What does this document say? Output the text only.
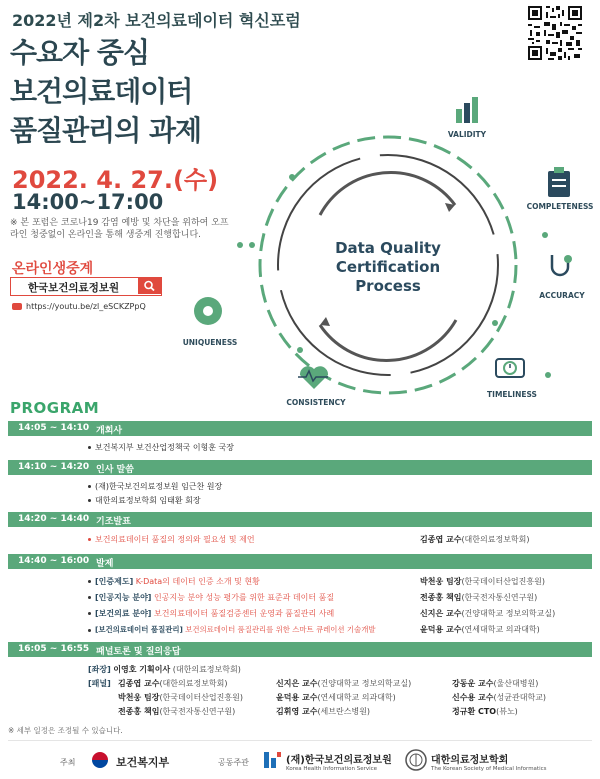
2022년 제2차 보건의료데이터 혁신포럼
수요자 중심
보건의료데이터
품질관리의 과제
2022. 4. 27.(수)
14:00~17:00
※ 본 포럼은 코로나19 감염 예방 및 차단을 위하여 오프라인 청중없이 온라인을 통해 생중계 진행합니다.
온라인생중계
한국보건의료정보원
https://youtu.be/zl_eSCKZPpQ
Data Quality
Certification
Process
VALIDITY
COMPLETENESS
ACCURACY
TIMELINESS
CONSISTENCY
UNIQUENESS
PROGRAM
14:05 ~ 14:10 개회사
보건복지부 보건산업정책국 이형훈 국장
14:10 ~ 14:20 인사 말씀
(재)한국보건의료정보원 임근찬 원장
대한의료정보학회 임태환 회장
14:20 ~ 14:40 기조발표
보건의료데이터 품질의 정의와 필요성 및 제언	김종엽 교수(대한의료정보학회)
14:40 ~ 16:00 발제
[인증제도] K-Data의 데이터 인증 소개 및 현황	박천웅 팀장(한국데이터산업진흥원)
[인공지능 분야] 인공지능 분야 성능 평가를 위한 표준과 데이터 품질	전종홍 책임(한국전자통신연구원)
[보건의료 분야] 보건의료데이터 품질검증센터 운영과 품질관리 사례	신지은 교수(건양대학교 정보의학교실)
[보건의료데이터 품질관리] 보건의료데이터 품질관리를 위한 스마트 큐레이션 기술개발	윤덕용 교수(연세대학교 의과대학)
16:05 ~ 16:55 패널토론 및 질의응답
[좌장] 이영호 기획이사 (대한의료정보학회)
[패널] 김종엽 교수(대한의료정보학회)	신지은 교수(건양대학교 정보의학교실)	강동운 교수(울산대병원)
박천웅 팀장(한국데이터산업진흥원)	윤덕용 교수(연세대학교 의과대학)	신수용 교수(성균관대학교)
전종홍 책임(한국전자통신연구원)	김휘영 교수(세브란스병원)	정규환 CTO(뷰노)
※ 세부 일정은 조정될 수 있습니다.
주최	보건복지부	공동주관	(재)한국보건의료정보원
Korea Health Information Service
대한의료정보학회
The Korean Society of Medical Informatics
